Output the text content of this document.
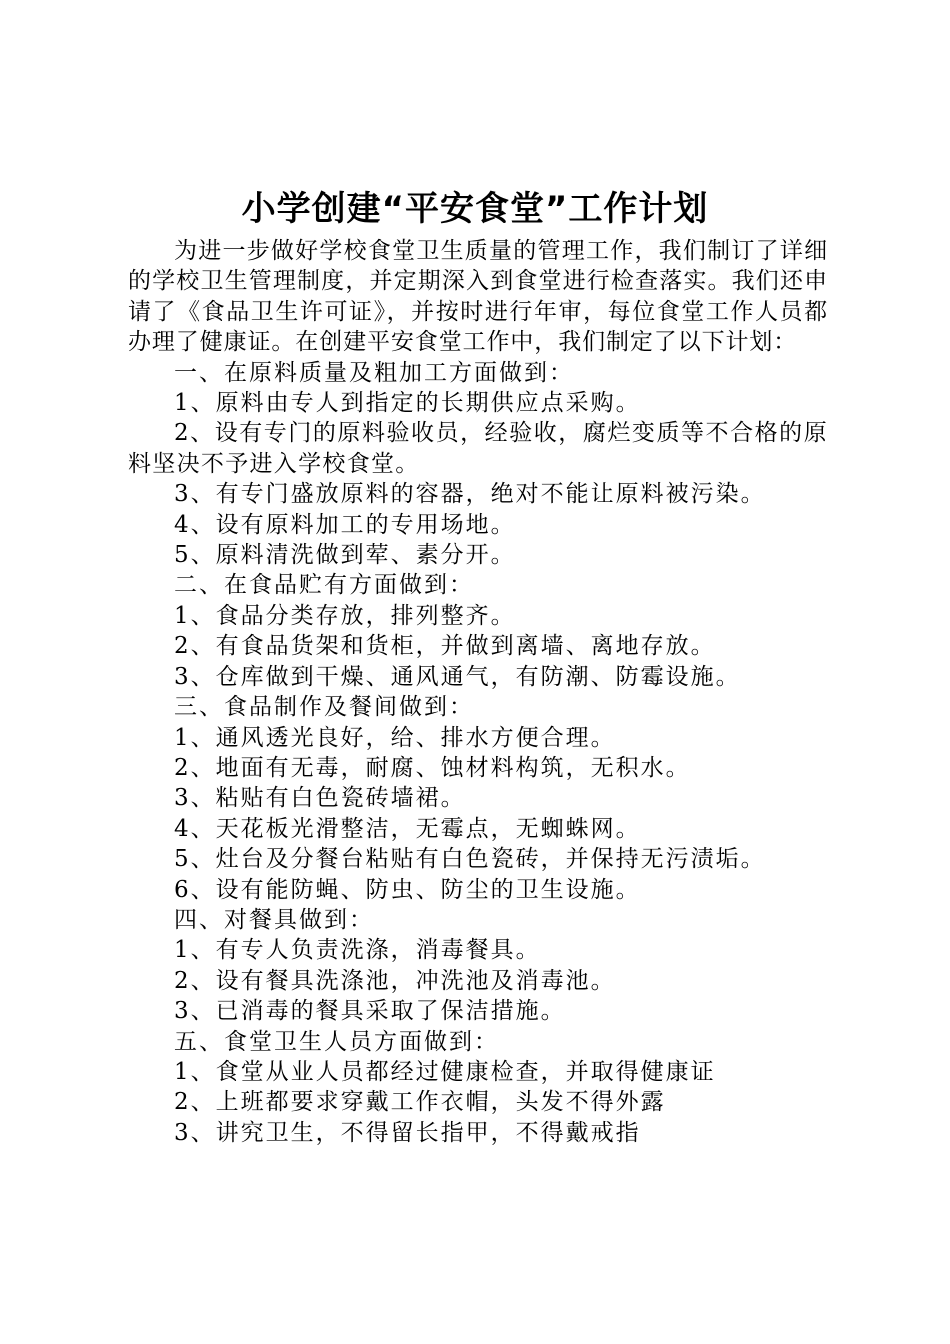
小学创建“平安食堂”工作计划

为进一步做好学校食堂卫生质量的管理工作，我们制订了详细的学校卫生管理制度，并定期深入到食堂进行检查落实。我们还申请了《食品卫生许可证》，并按时进行年审，每位食堂工作人员都办理了健康证。在创建平安食堂工作中，我们制定了以下计划：

一、在原料质量及粗加工方面做到：

1、原料由专人到指定的长期供应点采购。

2、设有专门的原料验收员，经验收，腐烂变质等不合格的原料坚决不予进入学校食堂。

3、有专门盛放原料的容器，绝对不能让原料被污染。

4、设有原料加工的专用场地。

5、原料清洗做到荤、素分开。

二、在食品贮有方面做到：

1、食品分类存放，排列整齐。

2、有食品货架和货柜，并做到离墙、离地存放。

3、仓库做到干燥、通风通气，有防潮、防霉设施。

三、食品制作及餐间做到：

1、通风透光良好，给、排水方便合理。

2、地面有无毒，耐腐、蚀材料构筑，无积水。

3、粘贴有白色瓷砖墙裙。

4、天花板光滑整洁，无霉点，无蜘蛛网。

5、灶台及分餐台粘贴有白色瓷砖，并保持无污渍垢。

6、设有能防蝇、防虫、防尘的卫生设施。

四、对餐具做到：

1、有专人负责洗涤，消毒餐具。

2、设有餐具洗涤池，冲洗池及消毒池。

3、已消毒的餐具采取了保洁措施。

五、食堂卫生人员方面做到：

1、食堂从业人员都经过健康检查，并取得健康证

2、上班都要求穿戴工作衣帽，头发不得外露

3、讲究卫生，不得留长指甲，不得戴戒指
